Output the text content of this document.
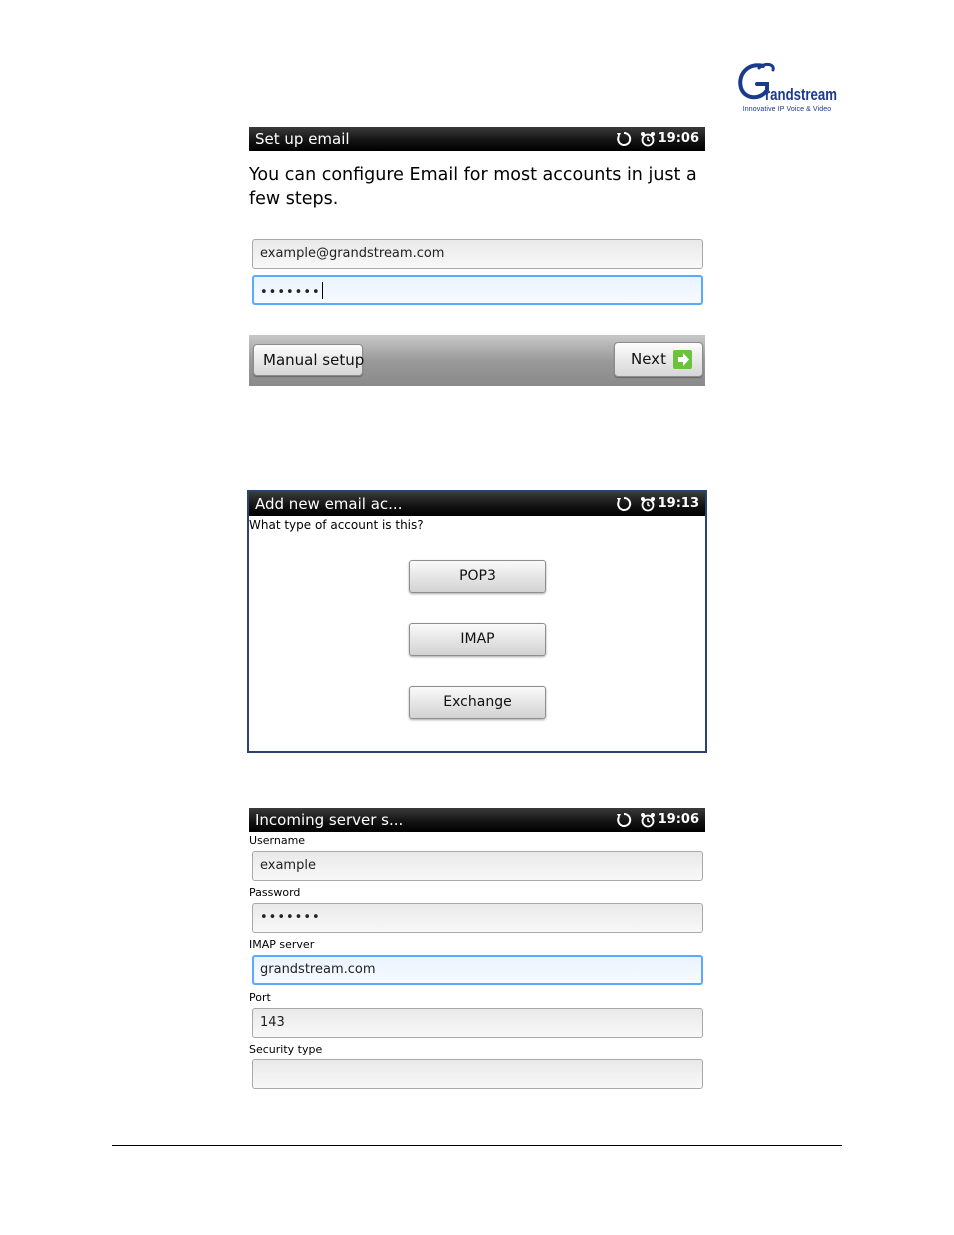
randstream
Innovative IP Voice & Video
Set up email	19:06
You can configure Email for most accounts in just a few steps.
example@grandstream.com
•••••••
Manual setup	Next
Add new email ac...	19:13
What type of account is this?
POP3
IMAP
Exchange
Incoming server s...	19:06
Username
example
Password
•••••••
IMAP server
grandstream.com
Port
143
Security type
